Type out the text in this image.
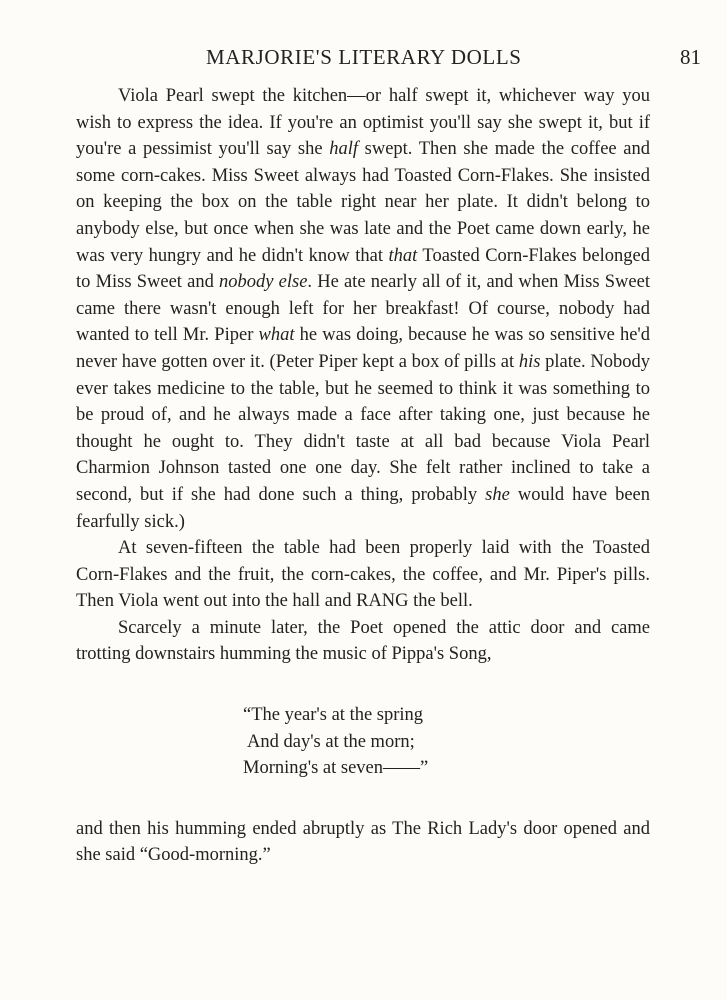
MARJORIE'S LITERARY DOLLS	81

Viola Pearl swept the kitchen—or half swept it, whichever way you wish to express the idea. If you're an optimist you'll say she swept it, but if you're a pessimist you'll say she half swept. Then she made the coffee and some corn-cakes. Miss Sweet always had Toasted Corn-Flakes. She insisted on keeping the box on the table right near her plate. It didn't belong to anybody else, but once when she was late and the Poet came down early, he was very hungry and he didn't know that that Toasted Corn-Flakes belonged to Miss Sweet and nobody else. He ate nearly all of it, and when Miss Sweet came there wasn't enough left for her breakfast! Of course, nobody had wanted to tell Mr. Piper what he was doing, because he was so sensitive he'd never have gotten over it. (Peter Piper kept a box of pills at his plate. Nobody ever takes medicine to the table, but he seemed to think it was something to be proud of, and he always made a face after taking one, just because he thought he ought to. They didn't taste at all bad because Viola Pearl Charmion Johnson tasted one one day. She felt rather inclined to take a second, but if she had done such a thing, probably she would have been fearfully sick.)

At seven-fifteen the table had been properly laid with the Toasted Corn-Flakes and the fruit, the corn-cakes, the coffee, and Mr. Piper's pills. Then Viola went out into the hall and RANG the bell.

Scarcely a minute later, the Poet opened the attic door and came trotting downstairs humming the music of Pippa's Song,

“The year's at the spring
And day's at the morn;
Morning's at seven——”

and then his humming ended abruptly as The Rich Lady's door opened and she said “Good-morning.”
